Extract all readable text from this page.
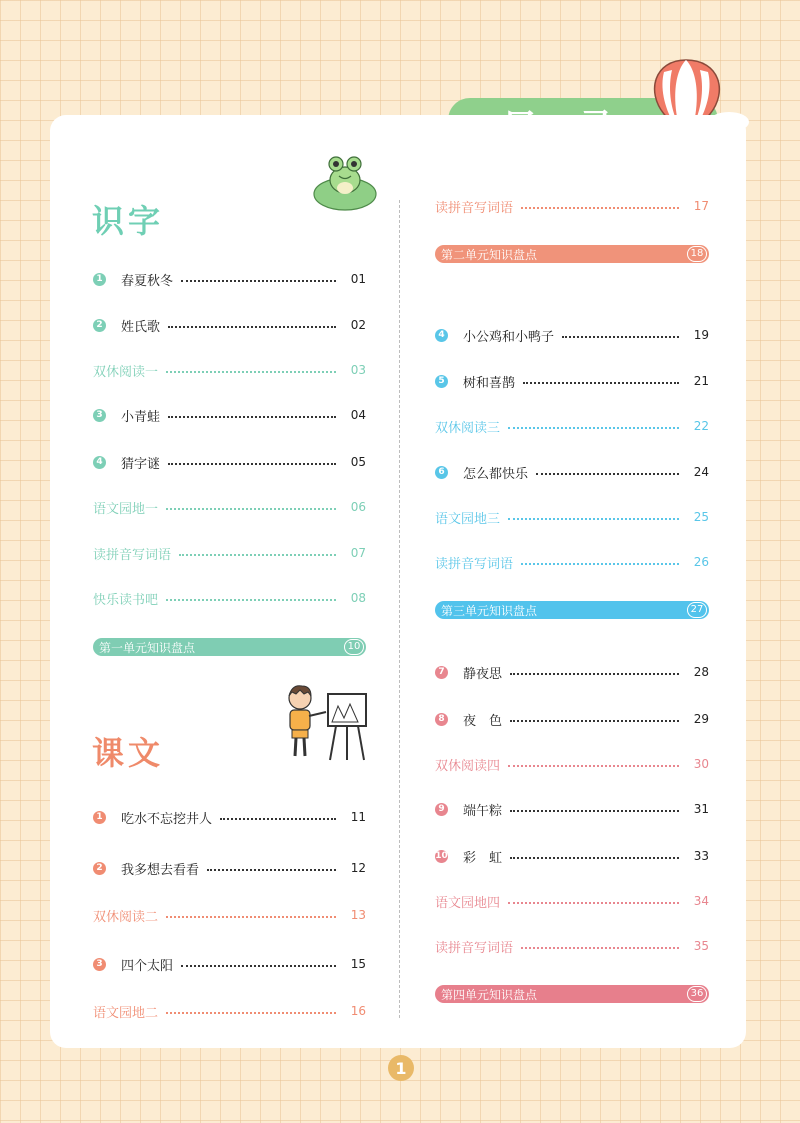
识字
课文
1 春夏秋冬	01
2 姓氏歌	02
双休阅读一	03
3 小青蛙	04
4 猜字谜	05
语文园地一	06
读拼音写词语	07
快乐读书吧	08
第一单元知识盘点	10
1 吃水不忘挖井人	11
2 我多想去看看	12
双休阅读二	13
3 四个太阳	15
语文园地二	16
读拼音写词语	17
第二单元知识盘点	18
4 小公鸡和小鸭子	19
5 树和喜鹊	21
双休阅读三	22
6 怎么都快乐	24
语文园地三	25
读拼音写词语	26
第三单元知识盘点	27
7 静夜思	28
8 夜　色	29
双休阅读四	30
9 端午粽	31
10 彩　虹	33
语文园地四	34
读拼音写词语	35
第四单元知识盘点	36
1
